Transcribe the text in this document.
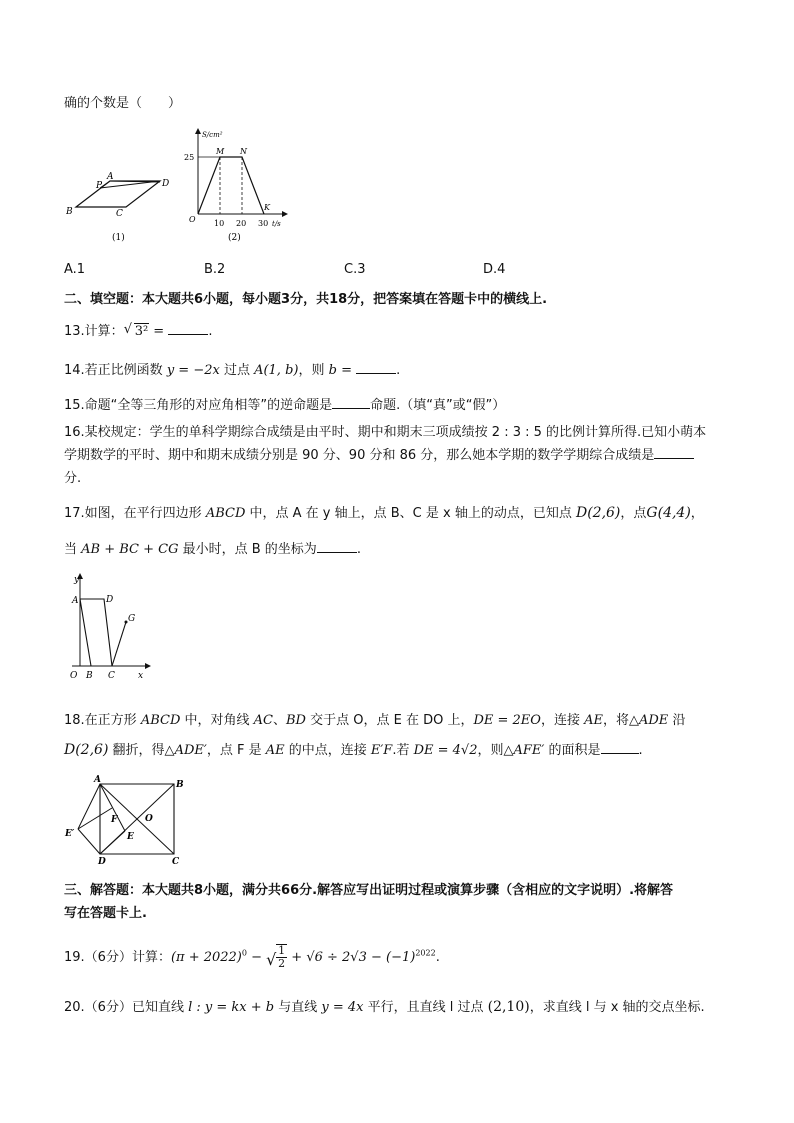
确的个数是（　　）
B	C
A
D
P
(1)
S/cm²
t/s
25
10 20 30
O
M N
K
(2)
A.1	B.2	C.3	D.4
二、填空题：本大题共6小题，每小题3分，共18分，把答案填在答题卡中的横线上.
13.计算： √ 3² =	.
14.若正比例函数 y = −2x 过点 A(1, b)，则 b =	.
15.命题“全等三角形的对应角相等”的逆命题是	命题.（填“真”或“假”）
16.某校规定：学生的单科学期综合成绩是由平时、期中和期末三项成绩按 2 : 3 : 5 的比例计算所得.已知小萌本
学期数学的平时、期中和期末成绩分别是 90 分、90 分和 86 分，那么她本学期的数学学期综合成绩是
分.
17.如图，在平行四边形 ABCD 中，点 A 在 y 轴上，点 B、C 是 x 轴上的动点，已知点 D(2,6)，点G(4,4)，
当 AB + BC + CG 最小时，点 B 的坐标为	.
y
x
O
A	D
G
B C
18.在正方形 ABCD 中，对角线 AC、BD 交于点 O，点 E 在 DO 上，DE = 2EO，连接 AE，将△ADE 沿
D(2,6) 翻折，得△ADE′，点 F 是 AE 的中点，连接 E′F.若 DE = 4√2，则△AFE′ 的面积是	.
A	B
C
D
E
E′
F	O
三、解答题：本大题共8小题，满分共66分.解答应写出证明过程或演算步骤（含相应的文字说明）.将解答
写在答题卡上.
19.（6分）计算：$(\pi + 2022)^0$ − √ $\frac{1}{2} + √6 \div 2√3 - (-1)^{2022}$.
20.（6分）已知直线 l : y = kx + b 与直线 y = 4x 平行，且直线 l 过点 (2,10)，求直线 l 与 x 轴的交点坐标.
